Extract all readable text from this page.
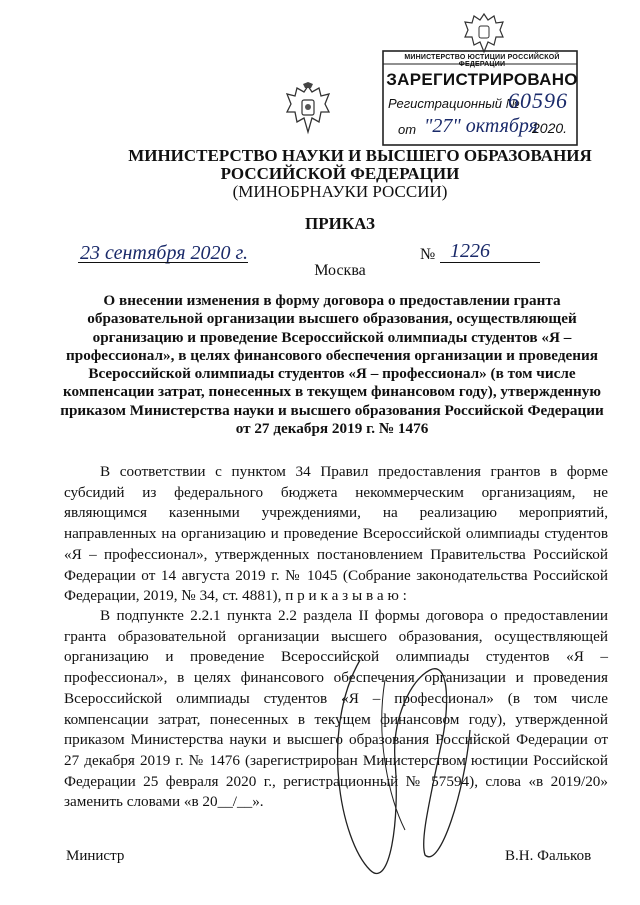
МИНИСТЕРСТВО ЮСТИЦИИ РОССИЙСКОЙ ФЕДЕРАЦИИ
ЗАРЕГИСТРИРОВАНО
Регистрационный №
60596
от "27" октября
2020.
МИНИСТЕРСТВО НАУКИ И ВЫСШЕГО ОБРАЗОВАНИЯ
РОССИЙСКОЙ ФЕДЕРАЦИИ
(МИНОБРНАУКИ РОССИИ)
ПРИКАЗ
23 сентября 2020 г.	№ 1226
Москва
О внесении изменения в форму договора о предоставлении гранта образовательной организации высшего образования, осуществляющей организацию и проведение Всероссийской олимпиады студентов «Я – профессионал», в целях финансового обеспечения организации и проведения Всероссийской олимпиады студентов «Я – профессионал» (в том числе компенсации затрат, понесенных в текущем финансовом году), утвержденную приказом Министерства науки и высшего образования Российской Федерации от 27 декабря 2019 г. № 1476
В соответствии с пунктом 34 Правил предоставления грантов в форме субсидий из федерального бюджета некоммерческим организациям, не являющимся казенными учреждениями, на реализацию мероприятий, направленных на организацию и проведение Всероссийской олимпиады студентов «Я – профессионал», утвержденных постановлением Правительства Российской Федерации от 14 августа 2019 г. № 1045 (Собрание законодательства Российской Федерации, 2019, № 34, ст. 4881), п р и к а з ы в а ю :
В подпункте 2.2.1 пункта 2.2 раздела II формы договора о предоставлении гранта образовательной организации высшего образования, осуществляющей организацию и проведение Всероссийской олимпиады студентов «Я – профессионал», в целях финансового обеспечения организации и проведения Всероссийской олимпиады студентов «Я – профессионал» (в том числе компенсации затрат, понесенных в текущем финансовом году), утвержденной приказом Министерства науки и высшего образования Российской Федерации от 27 декабря 2019 г. № 1476 (зарегистрирован Министерством юстиции Российской Федерации 25 февраля 2020 г., регистрационный № 57594), слова «в 2019/20» заменить словами «в 20__/__».
Министр	В.Н. Фальков
